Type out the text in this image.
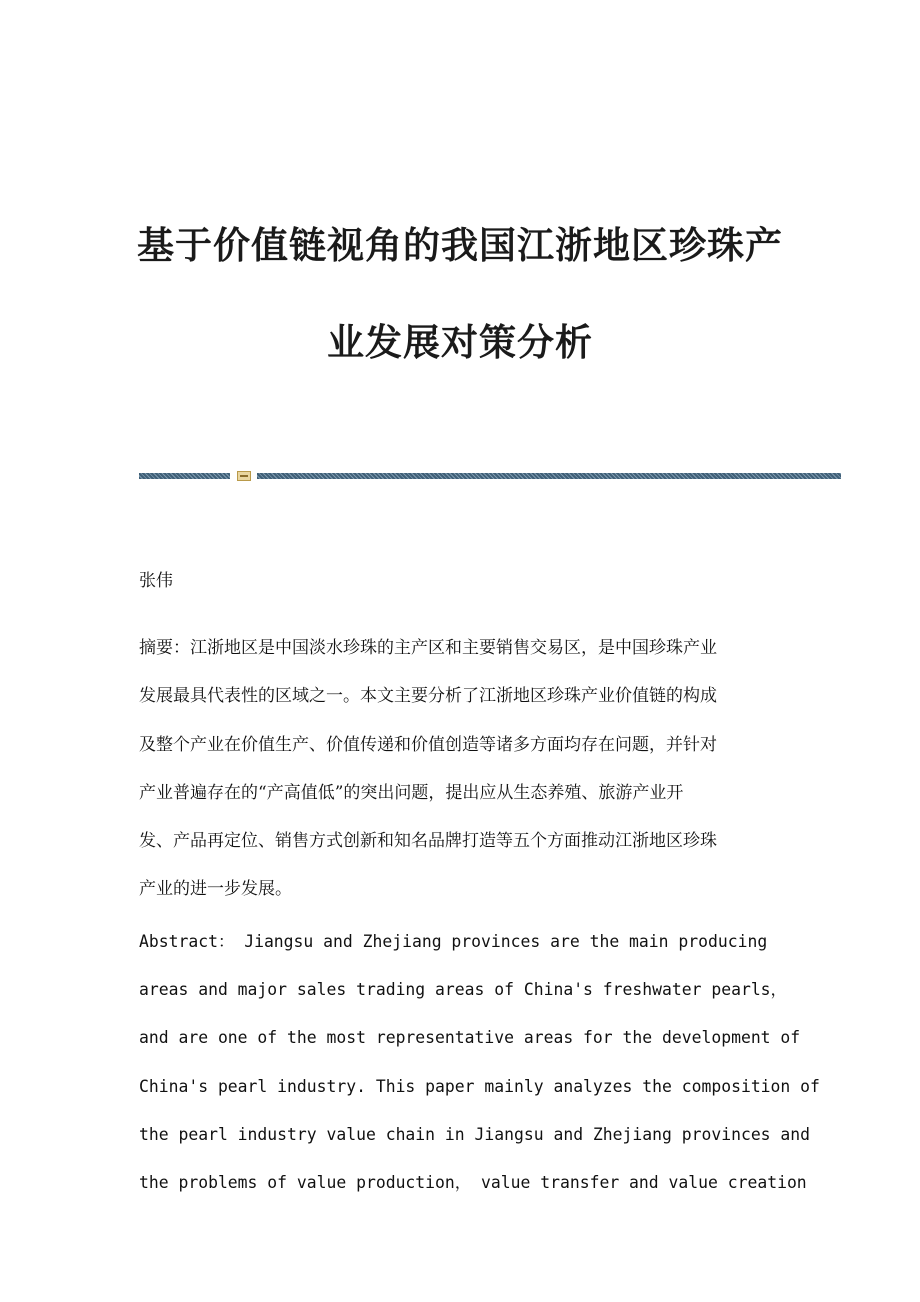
基于价值链视角的我国江浙地区珍珠产
业发展对策分析
张伟
摘要：江浙地区是中国淡水珍珠的主产区和主要销售交易区，是中国珍珠产业
发展最具代表性的区域之一。本文主要分析了江浙地区珍珠产业价值链的构成
及整个产业在价值生产、价值传递和价值创造等诸多方面均存在问题，并针对
产业普遍存在的“产高值低”的突出问题，提出应从生态养殖、旅游产业开
发、产品再定位、销售方式创新和知名品牌打造等五个方面推动江浙地区珍珠
产业的进一步发展。
Abstract： Jiangsu and Zhejiang provinces are the main producing
areas and major sales trading areas of China's freshwater pearls，
and are one of the most representative areas for the development of
China's pearl industry. This paper mainly analyzes the composition of
the pearl industry value chain in Jiangsu and Zhejiang provinces and
the problems of value production， value transfer and value creation
